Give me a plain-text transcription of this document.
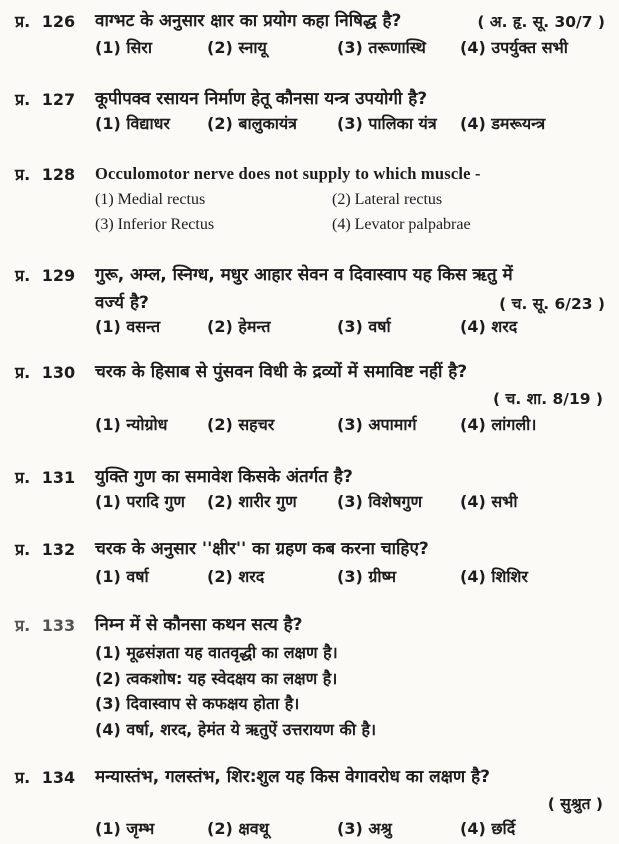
प्र. 126	वाग्भट के अनुसार क्षार का प्रयोग कहा निषिद्ध है?	( अ. हृ. सू. 30/7 )
(1) सिरा	(2) स्नायू	(3) तरूणास्थि	(4) उपर्युक्त सभी
प्र. 127	कूपीपक्व रसायन निर्माण हेतू कौनसा यन्त्र उपयोगी है?
(1) विद्याधर	(2) बालुकायंत्र	(3) पालिका यंत्र	(4) डमरूयन्त्र
प्र. 128	Occulomotor nerve does not supply to which muscle -
(1) Medial rectus	(2) Lateral rectus
(3) Inferior Rectus	(4) Levator palpabrae
प्र. 129	गुरू, अम्ल, स्निग्ध, मधुर आहार सेवन व दिवास्वाप यह किस ऋतु में
वर्ज्य है?	( च. सू. 6/23 )
(1) वसन्त	(2) हेमन्त	(3) वर्षा	(4) शरद
प्र. 130	चरक के हिसाब से पुंसवन विधी के द्रव्यों में समाविष्ट नहीं है?
( च. शा. 8/19 )
(1) न्योग्रोध	(2) सहचर	(3) अपामार्ग	(4) लांगली।
प्र. 131	युक्ति गुण का समावेश किसके अंतर्गत है?
(1) परादि गुण	(2) शारीर गुण	(3) विशेषगुण	(4) सभी
प्र. 132	चरक के अनुसार ''क्षीर'' का ग्रहण कब करना चाहिए?
(1) वर्षा	(2) शरद	(3) ग्रीष्म	(4) शिशिर
प्र. 133	निम्न में से कौनसा कथन सत्य है?
(1) मूढसंज्ञता यह वातवृद्धी का लक्षण है।
(2) त्वकशोष: यह स्वेदक्षय का लक्षण है।
(3) दिवास्वाप से कफक्षय होता है।
(4) वर्षा, शरद, हेमंत ये ऋतुऐं उत्तरायण की है।
प्र. 134	मन्यास्तंभ, गलस्तंभ, शिर:शुल यह किस वेगावरोध का लक्षण है?
( सुश्रुत )
(1) जृम्भ	(2) क्षवथू	(3) अश्रु	(4) छर्दि
